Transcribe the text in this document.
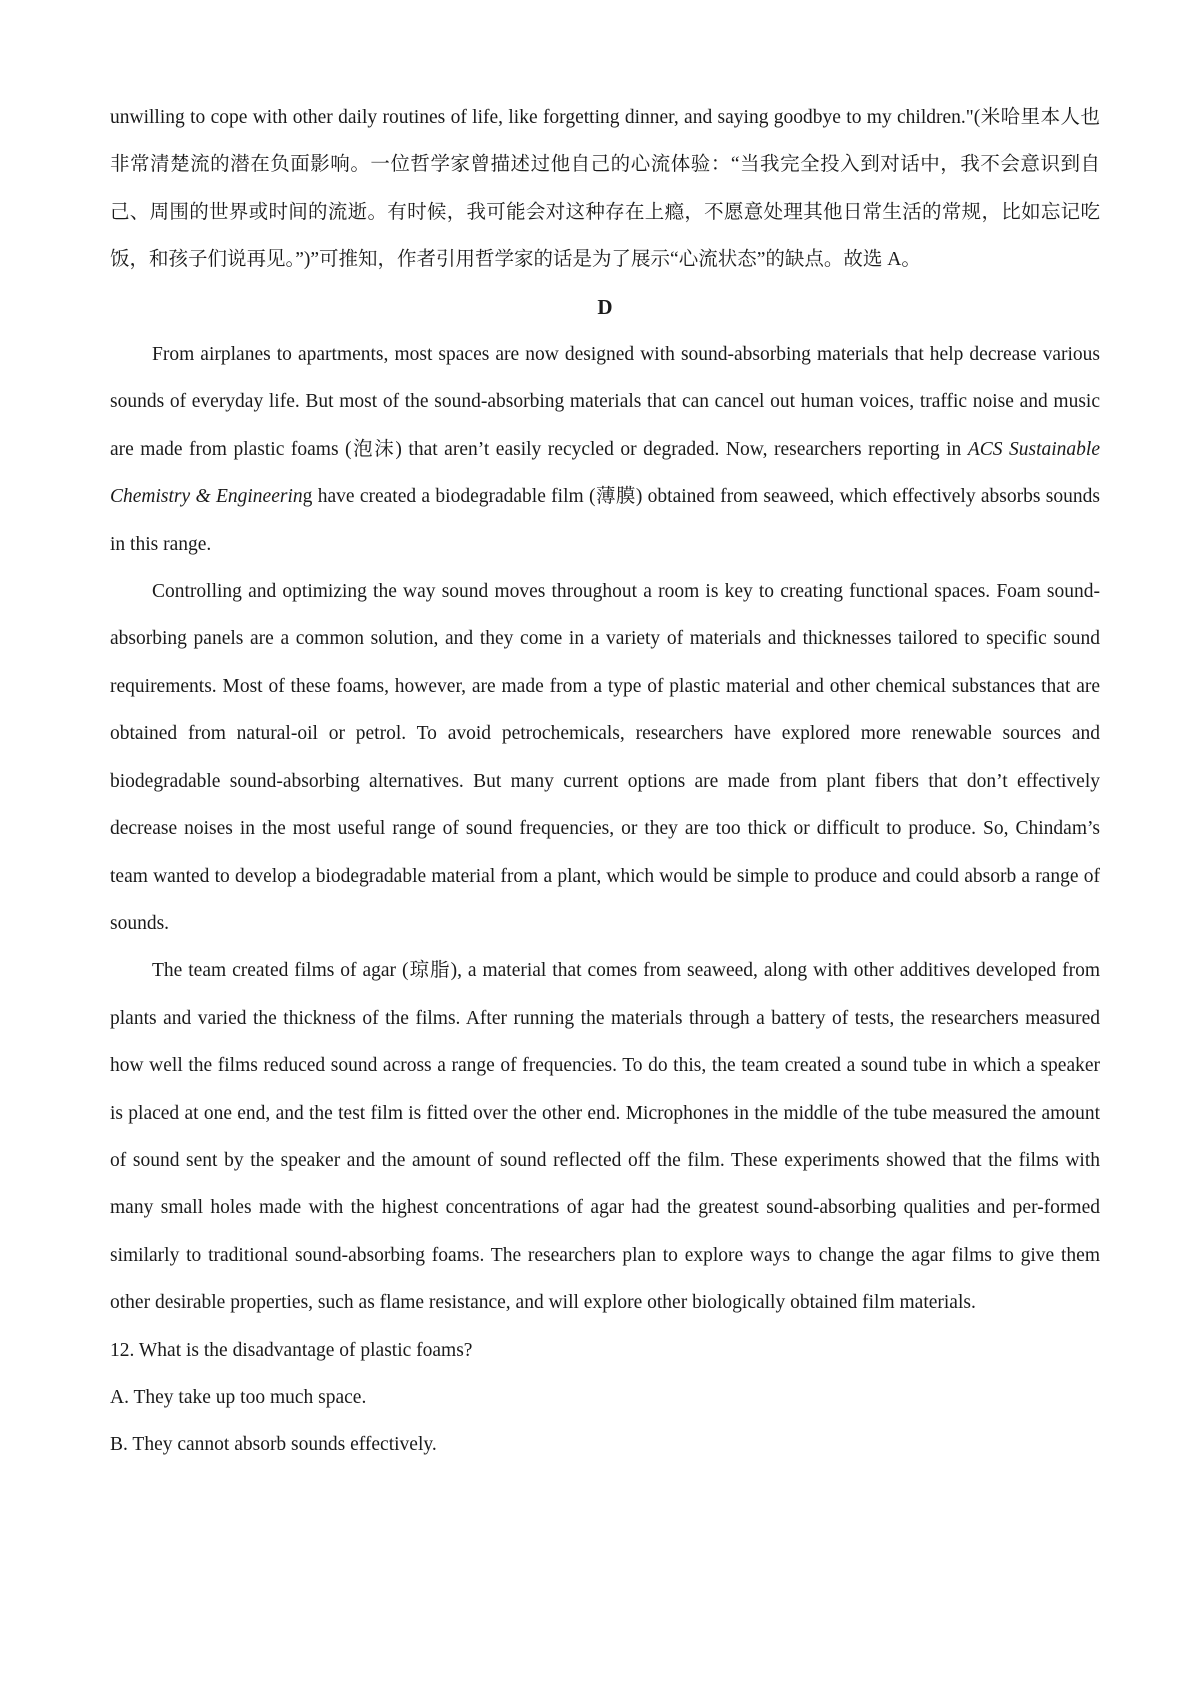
unwilling to cope with other daily routines of life, like forgetting dinner, and saying goodbye to my children."(米哈里本人也非常清楚流的潜在负面影响。一位哲学家曾描述过他自己的心流体验：“当我完全投入到对话中，我不会意识到自己、周围的世界或时间的流逝。有时候，我可能会对这种存在上瘾，不愿意处理其他日常生活的常规，比如忘记吃饭，和孩子们说再见。”)”可推知，作者引用哲学家的话是为了展示“心流状态”的缺点。故选 A。

D

From airplanes to apartments, most spaces are now designed with sound-absorbing materials that help decrease various sounds of everyday life. But most of the sound-absorbing materials that can cancel out human voices, traffic noise and music are made from plastic foams (泡沫) that aren’t easily recycled or degraded. Now, researchers reporting in ACS Sustainable Chemistry & Engineering have created a biodegradable film (薄膜) obtained from seaweed, which effectively absorbs sounds in this range.

Controlling and optimizing the way sound moves throughout a room is key to creating functional spaces. Foam sound-absorbing panels are a common solution, and they come in a variety of materials and thicknesses tailored to specific sound requirements. Most of these foams, however, are made from a type of plastic material and other chemical substances that are obtained from natural-oil or petrol. To avoid petrochemicals, researchers have explored more renewable sources and biodegradable sound-absorbing alternatives. But many current options are made from plant fibers that don’t effectively decrease noises in the most useful range of sound frequencies, or they are too thick or difficult to produce. So, Chindam’s team wanted to develop a biodegradable material from a plant, which would be simple to produce and could absorb a range of sounds.

The team created films of agar (琼脂), a material that comes from seaweed, along with other additives developed from plants and varied the thickness of the films. After running the materials through a battery of tests, the researchers measured how well the films reduced sound across a range of frequencies. To do this, the team created a sound tube in which a speaker is placed at one end, and the test film is fitted over the other end. Microphones in the middle of the tube measured the amount of sound sent by the speaker and the amount of sound reflected off the film. These experiments showed that the films with many small holes made with the highest concentrations of agar had the greatest sound-absorbing qualities and per-formed similarly to traditional sound-absorbing foams. The researchers plan to explore ways to change the agar films to give them other desirable properties, such as flame resistance, and will explore other biologically obtained film materials.

12. What is the disadvantage of plastic foams?

A. They take up too much space.

B. They cannot absorb sounds effectively.
